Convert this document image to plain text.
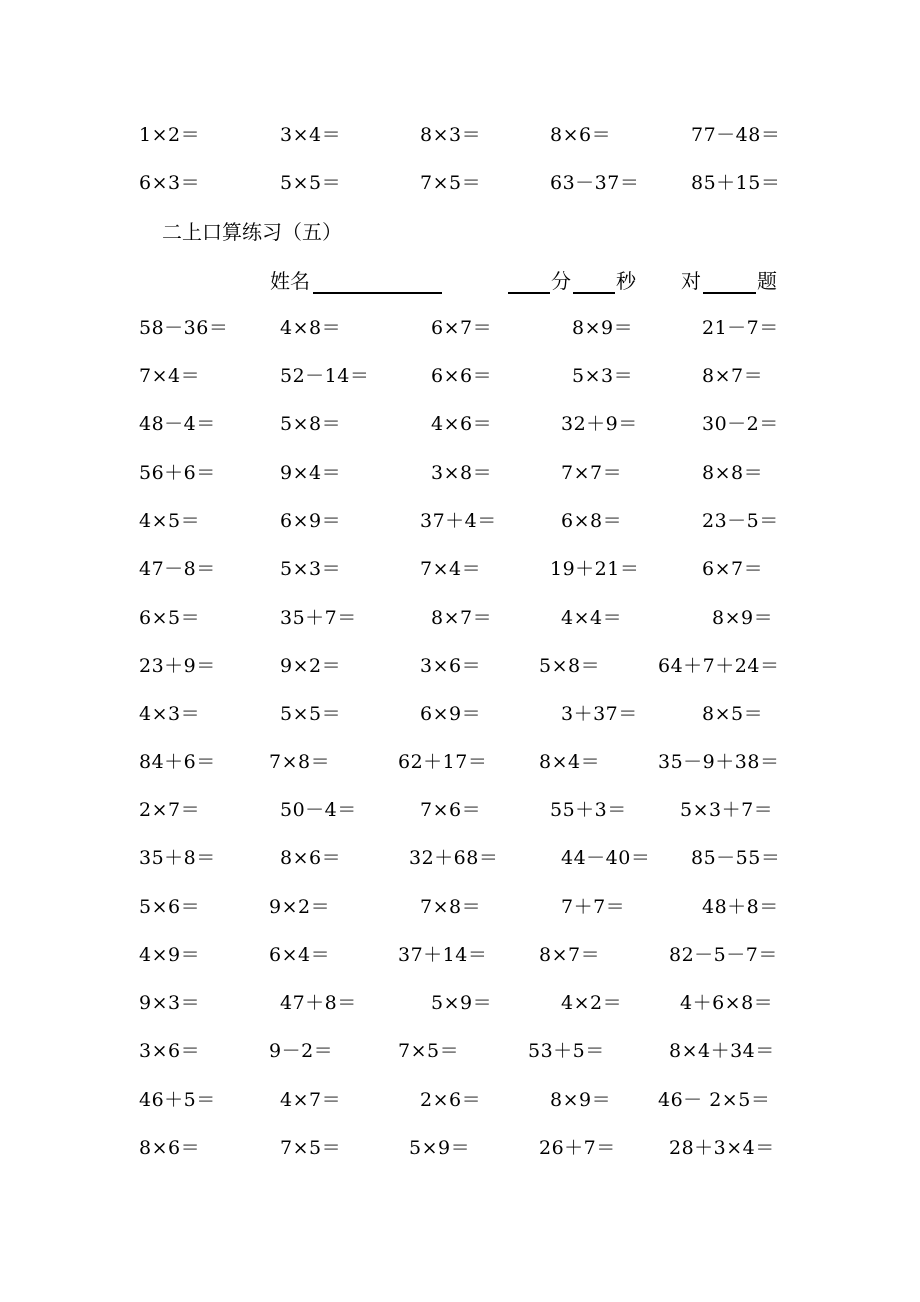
1×2＝	3×4＝	8×3＝	8×6＝	77－48＝
6×3＝	5×5＝	7×5＝	63－37＝	85＋15＝
二上口算练习（五）
姓名	分 秒 对	题
58－36＝	4×8＝	6×7＝	8×9＝	21－7＝
7×4＝	52－14＝	6×6＝	5×3＝	8×7＝
48－4＝	5×8＝	4×6＝	32＋9＝	30－2＝
56＋6＝	9×4＝	3×8＝	7×7＝	8×8＝
4×5＝	6×9＝	37＋4＝	6×8＝	23－5＝
47－8＝	5×3＝	7×4＝	19＋21＝	6×7＝
6×5＝	35＋7＝	8×7＝	4×4＝	8×9＝
23＋9＝	9×2＝	3×6＝	5×8＝	64＋7＋24＝
4×3＝	5×5＝	6×9＝	3＋37＝	8×5＝
84＋6＝	7×8＝	62＋17＝	8×4＝	35－9＋38＝
2×7＝	50－4＝	7×6＝	55＋3＝	5×3＋7＝
35＋8＝	8×6＝	32＋68＝	44－40＝ 85－55＝
5×6＝	9×2＝	7×8＝	7＋7＝	48＋8＝
4×9＝	6×4＝	37＋14＝	8×7＝	82－5－7＝
9×3＝	47＋8＝	5×9＝	4×2＝	4＋6×8＝
3×6＝	9－2＝	7×5＝	53＋5＝	8×4＋34＝
46＋5＝	4×7＝	2×6＝	8×9＝ 46－ 2×5＝
8×6＝	7×5＝	5×9＝	26＋7＝	28＋3×4＝
